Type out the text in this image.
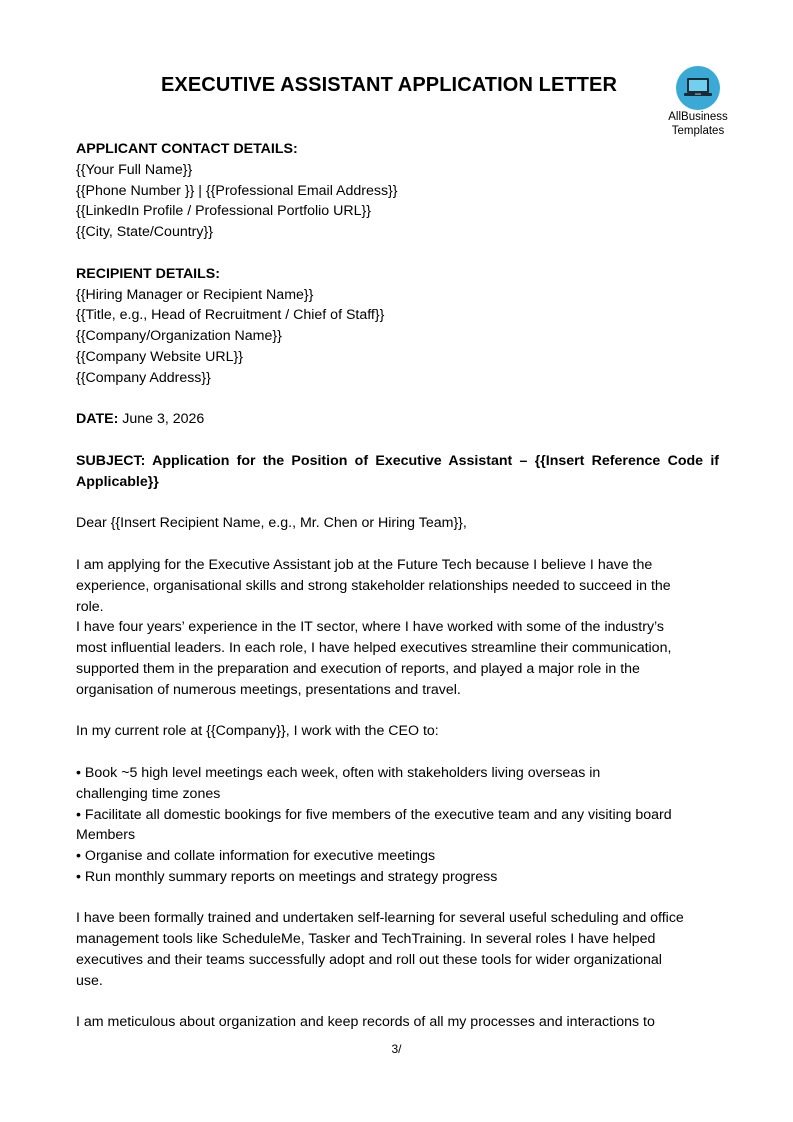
EXECUTIVE ASSISTANT APPLICATION LETTER
AllBusiness
Templates
APPLICANT CONTACT DETAILS:
{{Your Full Name}}
{{Phone Number }} | {{Professional Email Address}}
{{LinkedIn Profile / Professional Portfolio URL}}
{{City, State/Country}}
RECIPIENT DETAILS:
{{Hiring Manager or Recipient Name}}
{{Title, e.g., Head of Recruitment / Chief of Staff}}
{{Company/Organization Name}}
{{Company Website URL}}
{{Company Address}}
DATE: June 3, 2026
SUBJECT: Application for the Position of Executive Assistant – {{Insert Reference Code if Applicable}}
Dear {{Insert Recipient Name, e.g., Mr. Chen or Hiring Team}},
I am applying for the Executive Assistant job at the Future Tech because I believe I have the
experience, organisational skills and strong stakeholder relationships needed to succeed in the
role.
I have four years’ experience in the IT sector, where I have worked with some of the industry’s
most influential leaders. In each role, I have helped executives streamline their communication,
supported them in the preparation and execution of reports, and played a major role in the
organisation of numerous meetings, presentations and travel.
In my current role at {{Company}}, I work with the CEO to:
• Book ~5 high level meetings each week, often with stakeholders living overseas in
challenging time zones
• Facilitate all domestic bookings for five members of the executive team and any visiting board
Members
• Organise and collate information for executive meetings
• Run monthly summary reports on meetings and strategy progress
I have been formally trained and undertaken self-learning for several useful scheduling and office
management tools like ScheduleMe, Tasker and TechTraining. In several roles I have helped
executives and their teams successfully adopt and roll out these tools for wider organizational
use.
I am meticulous about organization and keep records of all my processes and interactions to
3/
